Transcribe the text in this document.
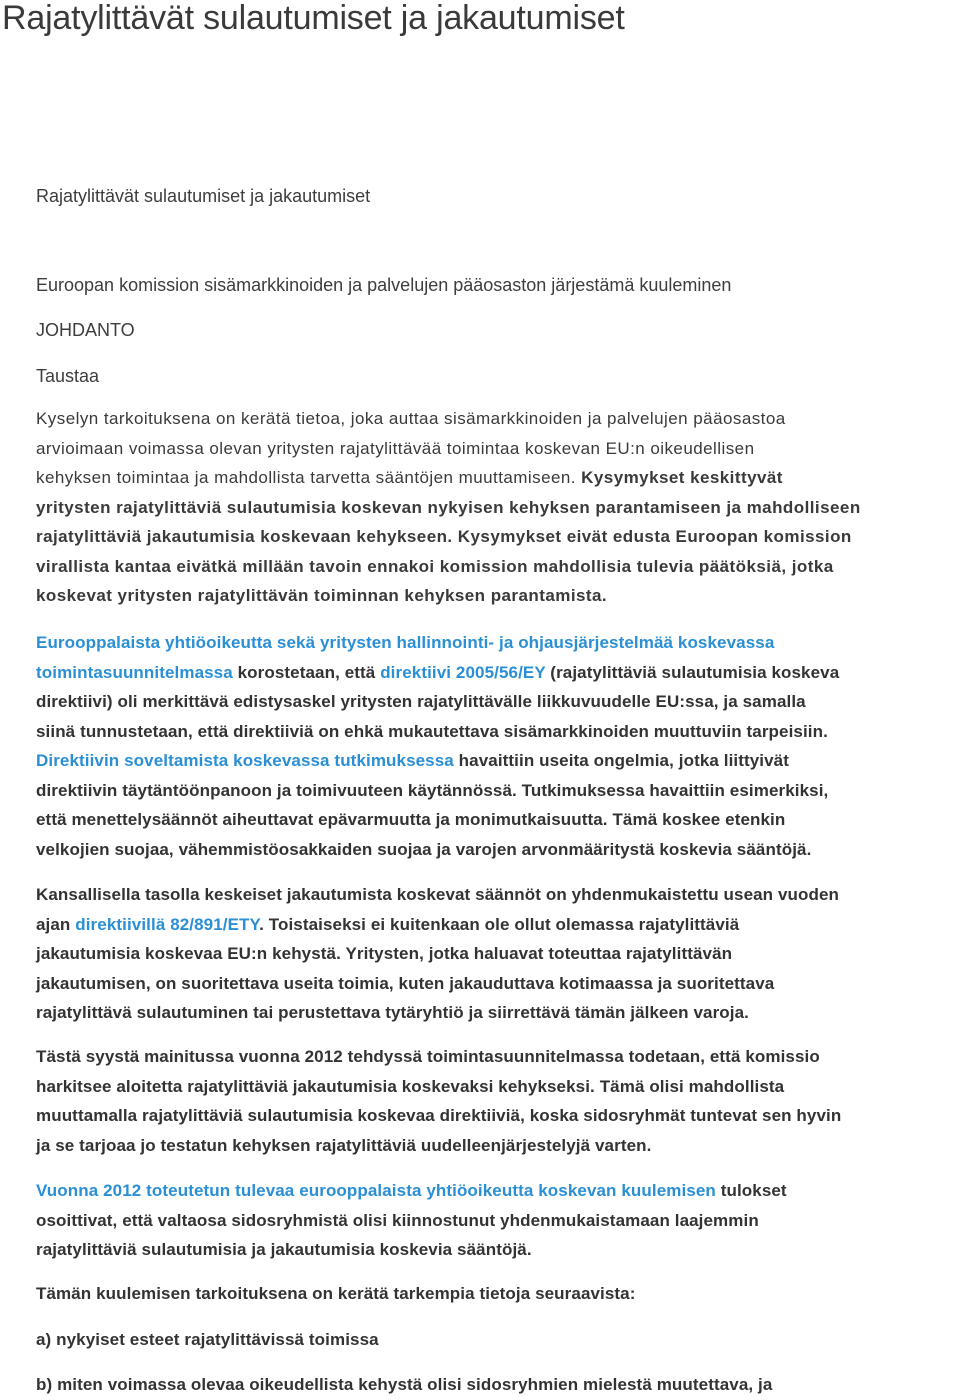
Rajatylittävät sulautumiset ja jakautumiset

Rajatylittävät sulautumiset ja jakautumiset

Euroopan komission sisämarkkinoiden ja palvelujen pääosaston järjestämä kuuleminen

JOHDANTO

Taustaa

Kyselyn tarkoituksena on kerätä tietoa, joka auttaa sisämarkkinoiden ja palvelujen pääosastoa
arvioimaan voimassa olevan yritysten rajatylittävää toimintaa koskevan EU:n oikeudellisen
kehyksen toimintaa ja mahdollista tarvetta sääntöjen muuttamiseen. Kysymykset keskittyvät
yritysten rajatylittäviä sulautumisia koskevan nykyisen kehyksen parantamiseen ja mahdolliseen
rajatylittäviä jakautumisia koskevaan kehykseen. Kysymykset eivät edusta Euroopan komission
virallista kantaa eivätkä millään tavoin ennakoi komission mahdollisia tulevia päätöksiä, jotka
koskevat yritysten rajatylittävän toiminnan kehyksen parantamista.
Eurooppalaista yhtiöoikeutta sekä yritysten hallinnointi- ja ohjausjärjestelmää koskevassa
toimintasuunnitelmassa korostetaan, että direktiivi 2005/56/EY (rajatylittäviä sulautumisia koskeva
direktiivi) oli merkittävä edistysaskel yritysten rajatylittävälle liikkuvuudelle EU:ssa, ja samalla
siinä tunnustetaan, että direktiiviä on ehkä mukautettava sisämarkkinoiden muuttuviin tarpeisiin.
Direktiivin soveltamista koskevassa tutkimuksessa havaittiin useita ongelmia, jotka liittyivät
direktiivin täytäntöönpanoon ja toimivuuteen käytännössä. Tutkimuksessa havaittiin esimerkiksi,
että menettelysäännöt aiheuttavat epävarmuutta ja monimutkaisuutta. Tämä koskee etenkin
velkojien suojaa, vähemmistöosakkaiden suojaa ja varojen arvonmääritystä koskevia sääntöjä.
Kansallisella tasolla keskeiset jakautumista koskevat säännöt on yhdenmukaistettu usean vuoden
ajan direktiivillä 82/891/ETY. Toistaiseksi ei kuitenkaan ole ollut olemassa rajatylittäviä
jakautumisia koskevaa EU:n kehystä. Yritysten, jotka haluavat toteuttaa rajatylittävän
jakautumisen, on suoritettava useita toimia, kuten jakauduttava kotimaassa ja suoritettava
rajatylittävä sulautuminen tai perustettava tytäryhtiö ja siirrettävä tämän jälkeen varoja.
Tästä syystä mainitussa vuonna 2012 tehdyssä toimintasuunnitelmassa todetaan, että komissio
harkitsee aloitetta rajatylittäviä jakautumisia koskevaksi kehykseksi. Tämä olisi mahdollista
muuttamalla rajatylittäviä sulautumisia koskevaa direktiiviä, koska sidosryhmät tuntevat sen hyvin
ja se tarjoaa jo testatun kehyksen rajatylittäviä uudelleenjärjestelyjä varten.
Vuonna 2012 toteutetun tulevaa eurooppalaista yhtiöoikeutta koskevan kuulemisen tulokset
osoittivat, että valtaosa sidosryhmistä olisi kiinnostunut yhdenmukaistamaan laajemmin
rajatylittäviä sulautumisia ja jakautumisia koskevia sääntöjä.

Tämän kuulemisen tarkoituksena on kerätä tarkempia tietoja seuraavista:

a) nykyiset esteet rajatylittävissä toimissa

b) miten voimassa olevaa oikeudellista kehystä olisi sidosryhmien mielestä muutettava, ja
